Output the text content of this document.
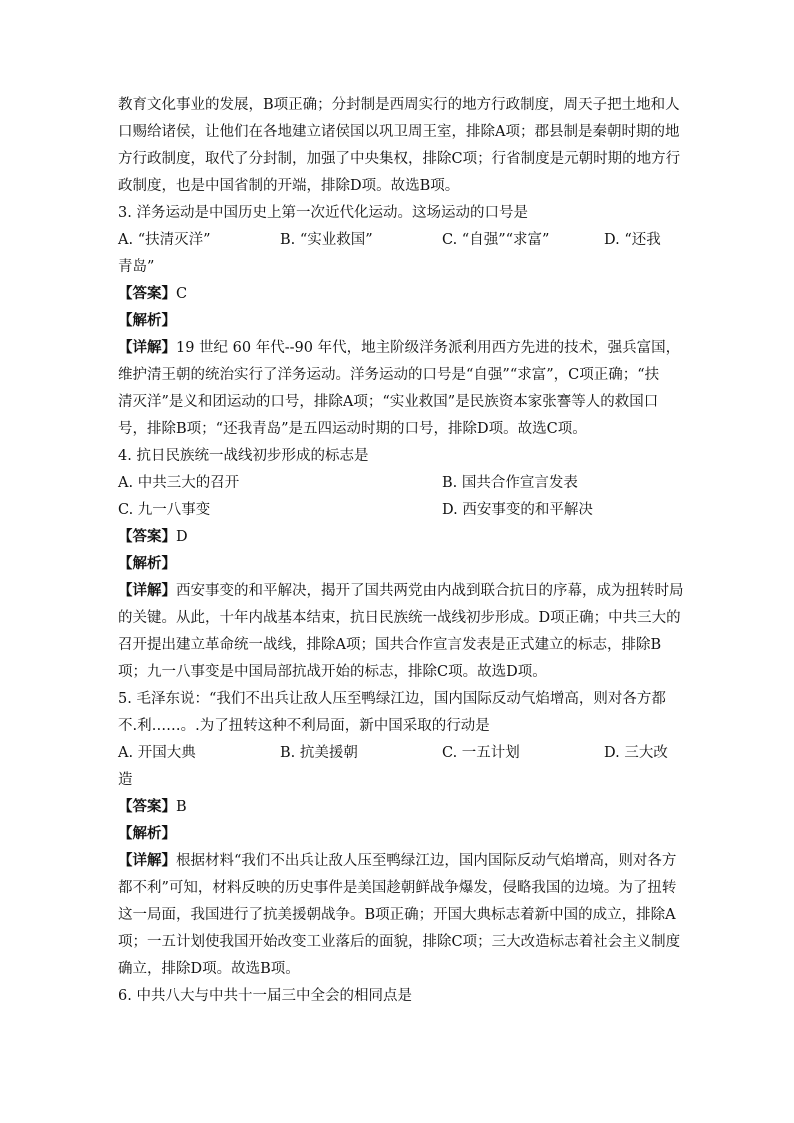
教育文化事业的发展，B项正确；分封制是西周实行的地方行政制度，周天子把土地和人
口赐给诸侯，让他们在各地建立诸侯国以巩卫周王室，排除A项；郡县制是秦朝时期的地
方行政制度，取代了分封制，加强了中央集权，排除C项；行省制度是元朝时期的地方行
政制度，也是中国省制的开端，排除D项。故选B项。
3. 洋务运动是中国历史上第一次近代化运动。这场运动的口号是
A. “扶清灭洋”	B. “实业救国”	C. “自强”“求富”	D. “还我
青岛”
【答案】C
【解析】
【详解】19 世纪 60 年代--90 年代，地主阶级洋务派利用西方先进的技术，强兵富国，
维护清王朝的统治实行了洋务运动。洋务运动的口号是“自强”“求富”，C项正确；“扶
清灭洋”是义和团运动的口号，排除A项；“实业救国”是民族资本家张謇等人的救国口
号，排除B项；“还我青岛”是五四运动时期的口号，排除D项。故选C项。
4. 抗日民族统一战线初步形成的标志是
A. 中共三大的召开	B. 国共合作宣言发表
C. 九一八事变	D. 西安事变的和平解决
【答案】D
【解析】
【详解】西安事变的和平解决，揭开了国共两党由内战到联合抗日的序幕，成为扭转时局
的关键。从此，十年内战基本结束，抗日民族统一战线初步形成。D项正确；中共三大的
召开提出建立革命统一战线，排除A项；国共合作宣言发表是正式建立的标志，排除B
项；九一八事变是中国局部抗战开始的标志，排除C项。故选D项。
5. 毛泽东说：“我们不出兵让敌人压至鸭绿江边，国内国际反动气焰增高，则对各方都
不.利……。.为了扭转这种不利局面，新中国采取的行动是
A. 开国大典	B. 抗美援朝	C. 一五计划	D. 三大改
造
【答案】B
【解析】
【详解】根据材料“我们不出兵让敌人压至鸭绿江边，国内国际反动气焰增高，则对各方
都不利”可知，材料反映的历史事件是美国趁朝鲜战争爆发，侵略我国的边境。为了扭转
这一局面，我国进行了抗美援朝战争。B项正确；开国大典标志着新中国的成立，排除A
项；一五计划使我国开始改变工业落后的面貌，排除C项；三大改造标志着社会主义制度
确立，排除D项。故选B项。
6. 中共八大与中共十一届三中全会的相同点是
